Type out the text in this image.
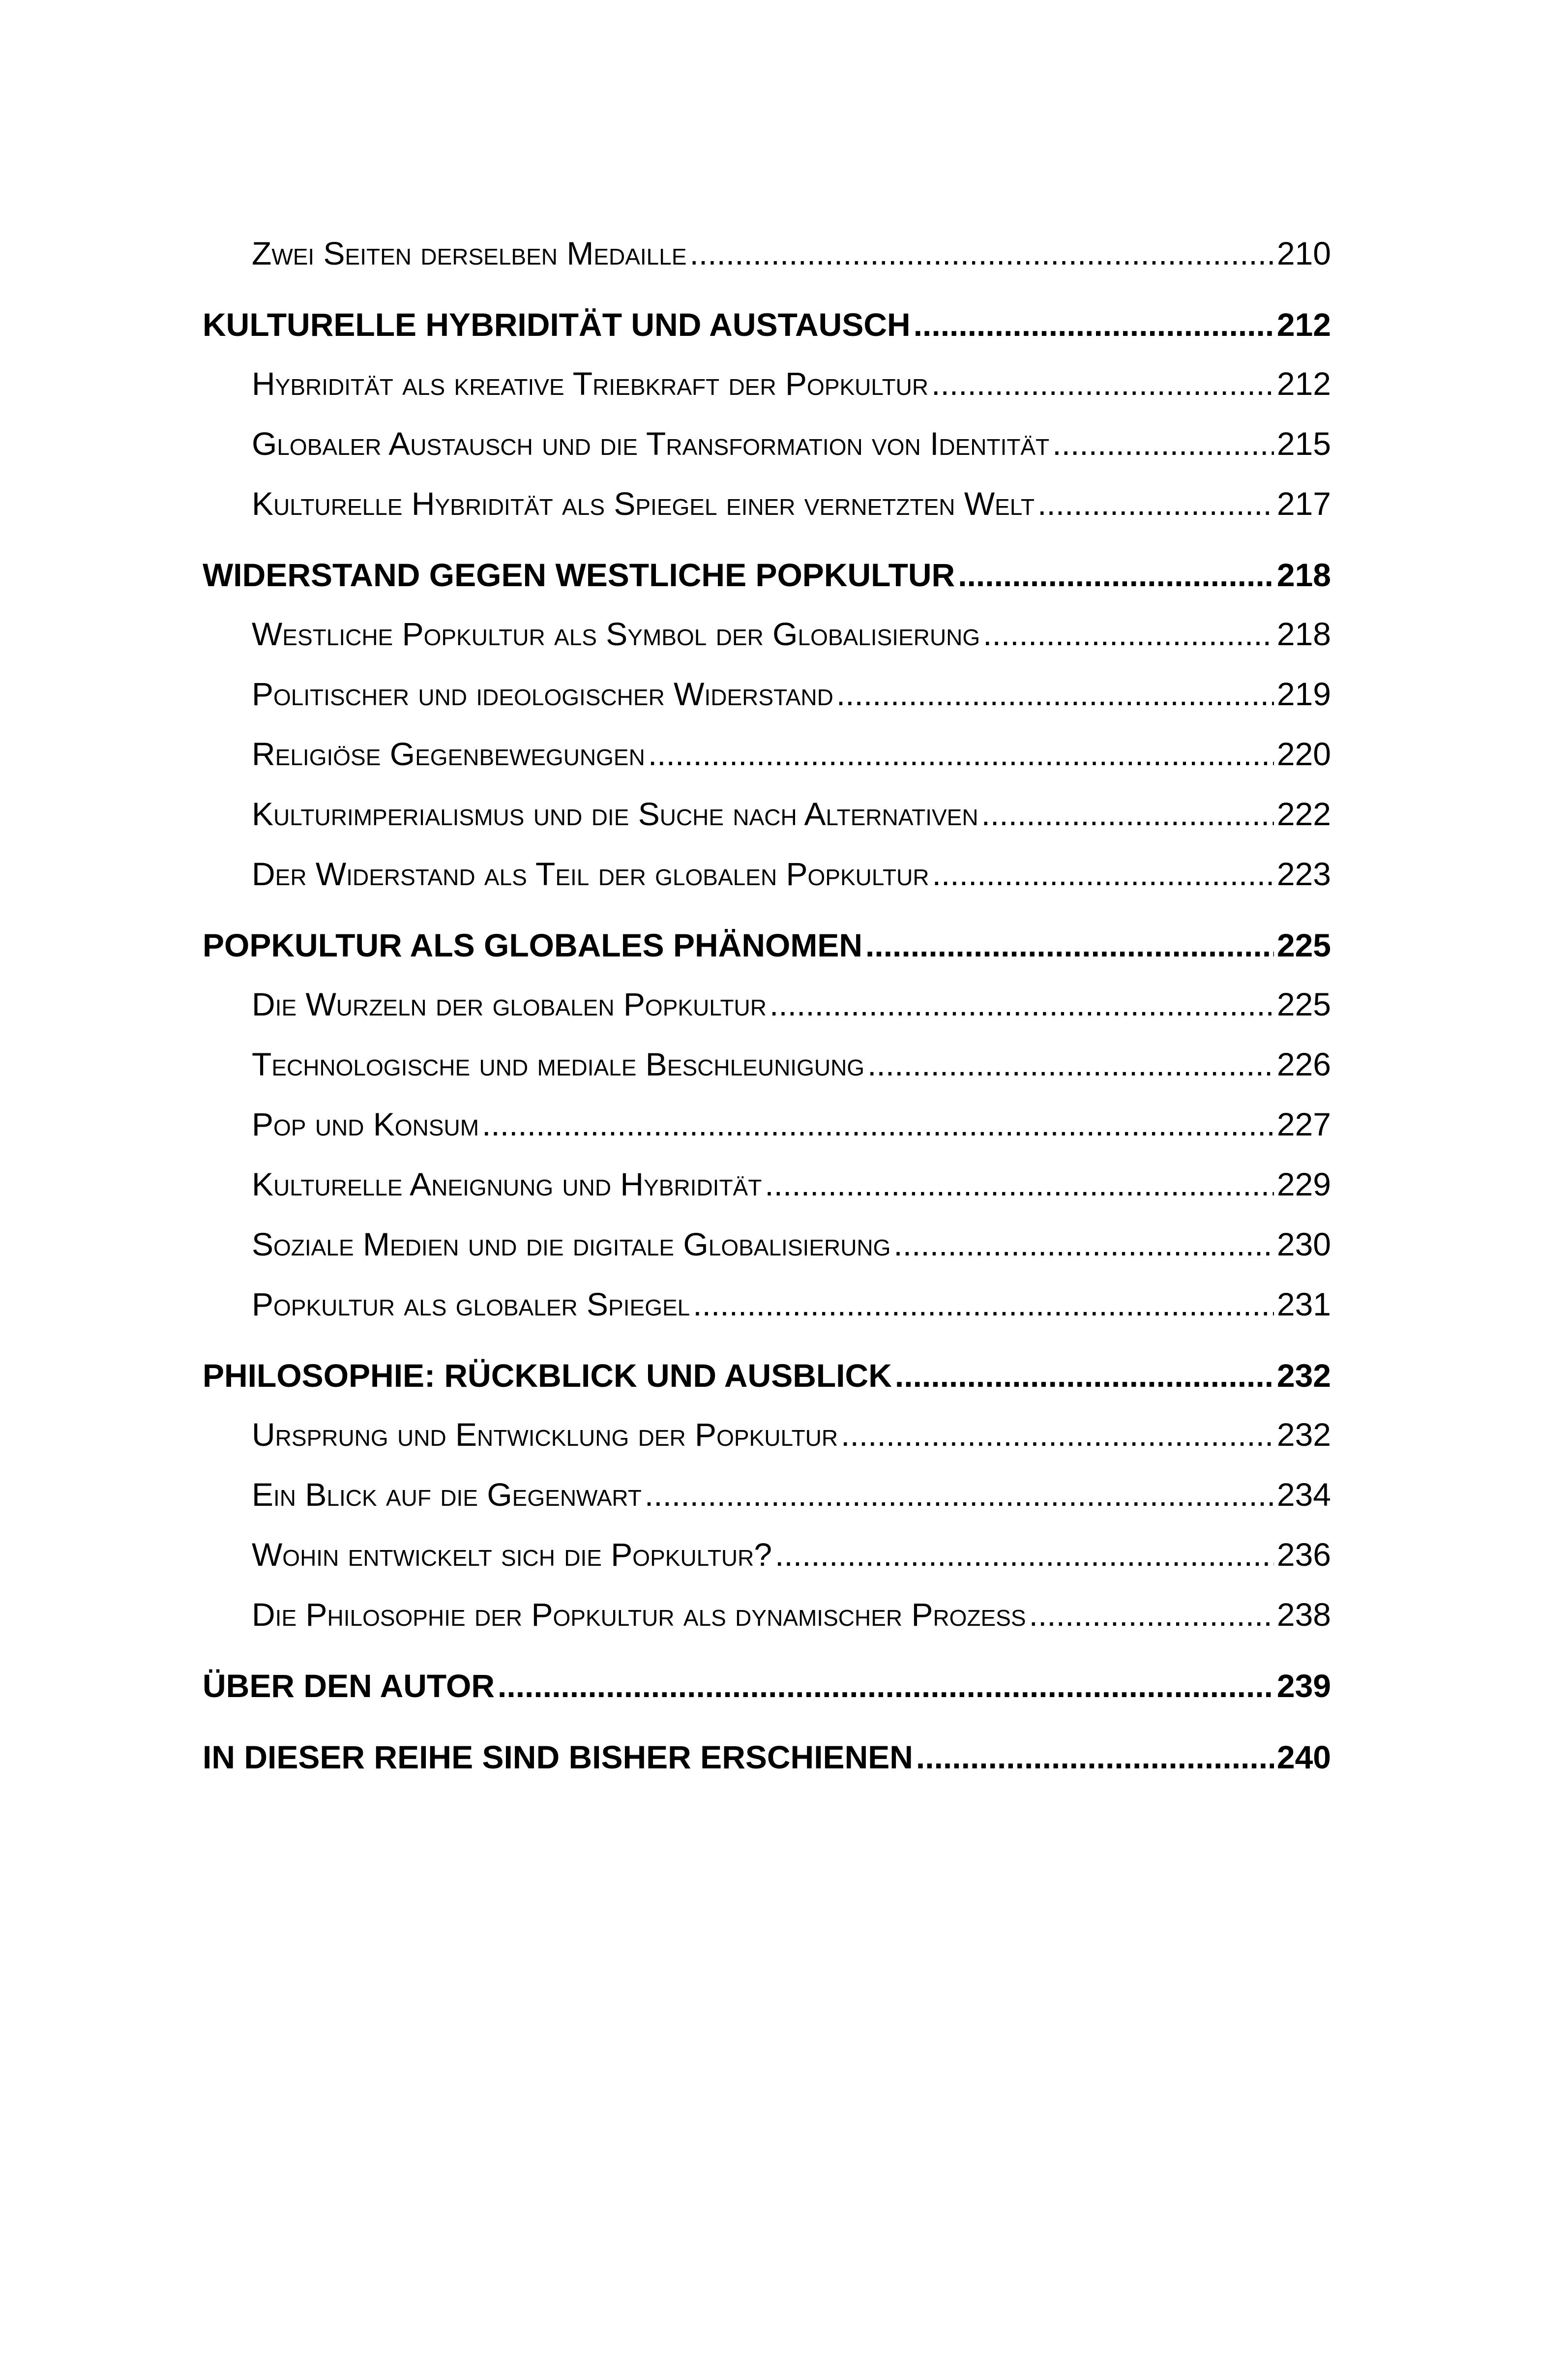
Zwei Seiten derselben Medaille .....	210
KULTURELLE HYBRIDITÄT UND AUSTAUSCH .....	212
Hybridität als kreative Triebkraft der Popkultur .....	212
Globaler Austausch und die Transformation von Identität .....	215
Kulturelle Hybridität als Spiegel einer vernetzten Welt .....	217
WIDERSTAND GEGEN WESTLICHE POPKULTUR .....	218
Westliche Popkultur als Symbol der Globalisierung .....	218
Politischer und ideologischer Widerstand .....	219
Religiöse Gegenbewegungen .....	220
Kulturimperialismus und die Suche nach Alternativen .....	222
Der Widerstand als Teil der globalen Popkultur .....	223
POPKULTUR ALS GLOBALES PHÄNOMEN .....	225
Die Wurzeln der globalen Popkultur .....	225
Technologische und mediale Beschleunigung .....	226
Pop und Konsum .....	227
Kulturelle Aneignung und Hybridität .....	229
Soziale Medien und die digitale Globalisierung .....	230
Popkultur als globaler Spiegel .....	231
PHILOSOPHIE: RÜCKBLICK UND AUSBLICK .....	232
Ursprung und Entwicklung der Popkultur .....	232
Ein Blick auf die Gegenwart .....	234
Wohin entwickelt sich die Popkultur? .....	236
Die Philosophie der Popkultur als dynamischer Prozess .....	238
ÜBER DEN AUTOR .....	239
IN DIESER REIHE SIND BISHER ERSCHIENEN .....	240
